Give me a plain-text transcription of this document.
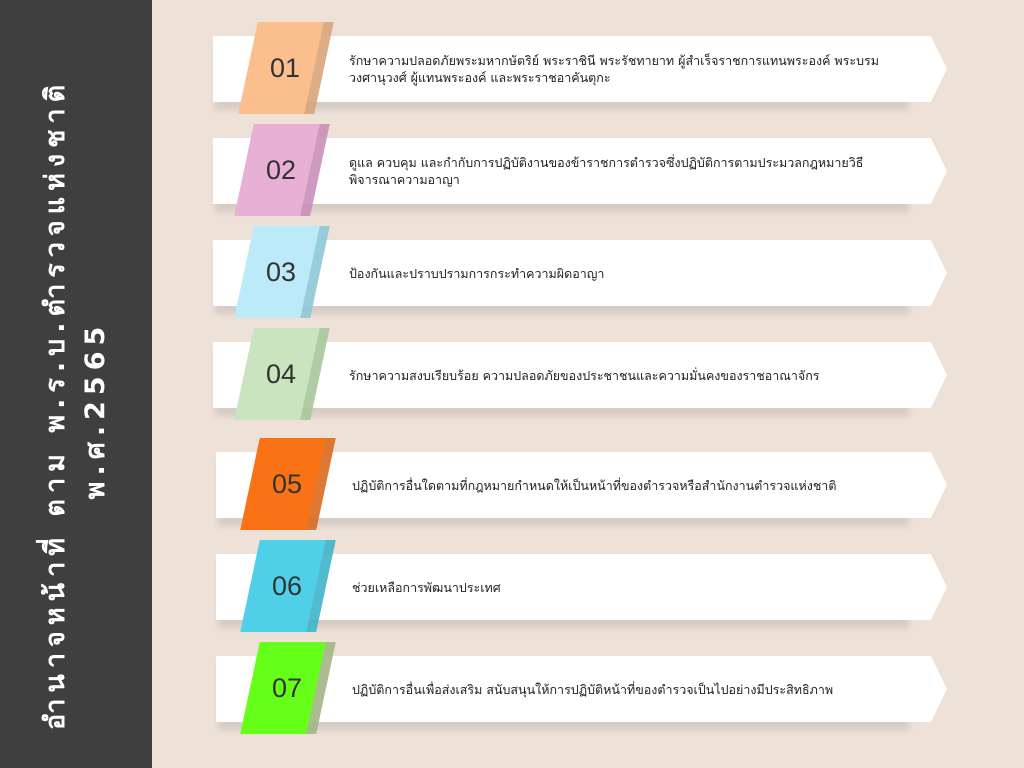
อำนาจหน้าที่ ตาม พ.ร.บ.ตำรวจแห่งชาติ พ.ศ.2565
01	รักษาความปลอดภัยพระมหากษัตริย์ พระราชินี พระรัชทายาท ผู้สำเร็จราชการแทนพระองค์ พระบรมวงศานุวงศ์ ผู้แทนพระองค์ และพระราชอาคันตุกะ
02	ดูแล ควบคุม และกำกับการปฏิบัติงานของข้าราชการตำรวจซึ่งปฏิบัติการตามประมวลกฎหมายวิธีพิจารณาความอาญา
03	ป้องกันและปราบปรามการกระทำความผิดอาญา
04	รักษาความสงบเรียบร้อย ความปลอดภัยของประชาชนและความมั่นคงของราชอาณาจักร
05	ปฏิบัติการอื่นใดตามที่กฎหมายกำหนดให้เป็นหน้าที่ของตำรวจหรือสำนักงานตำรวจแห่งชาติ
06	ช่วยเหลือการพัฒนาประเทศ
07	ปฏิบัติการอื่นเพื่อส่งเสริม สนับสนุนให้การปฏิบัติหน้าที่ของตำรวจเป็นไปอย่างมีประสิทธิภาพ
